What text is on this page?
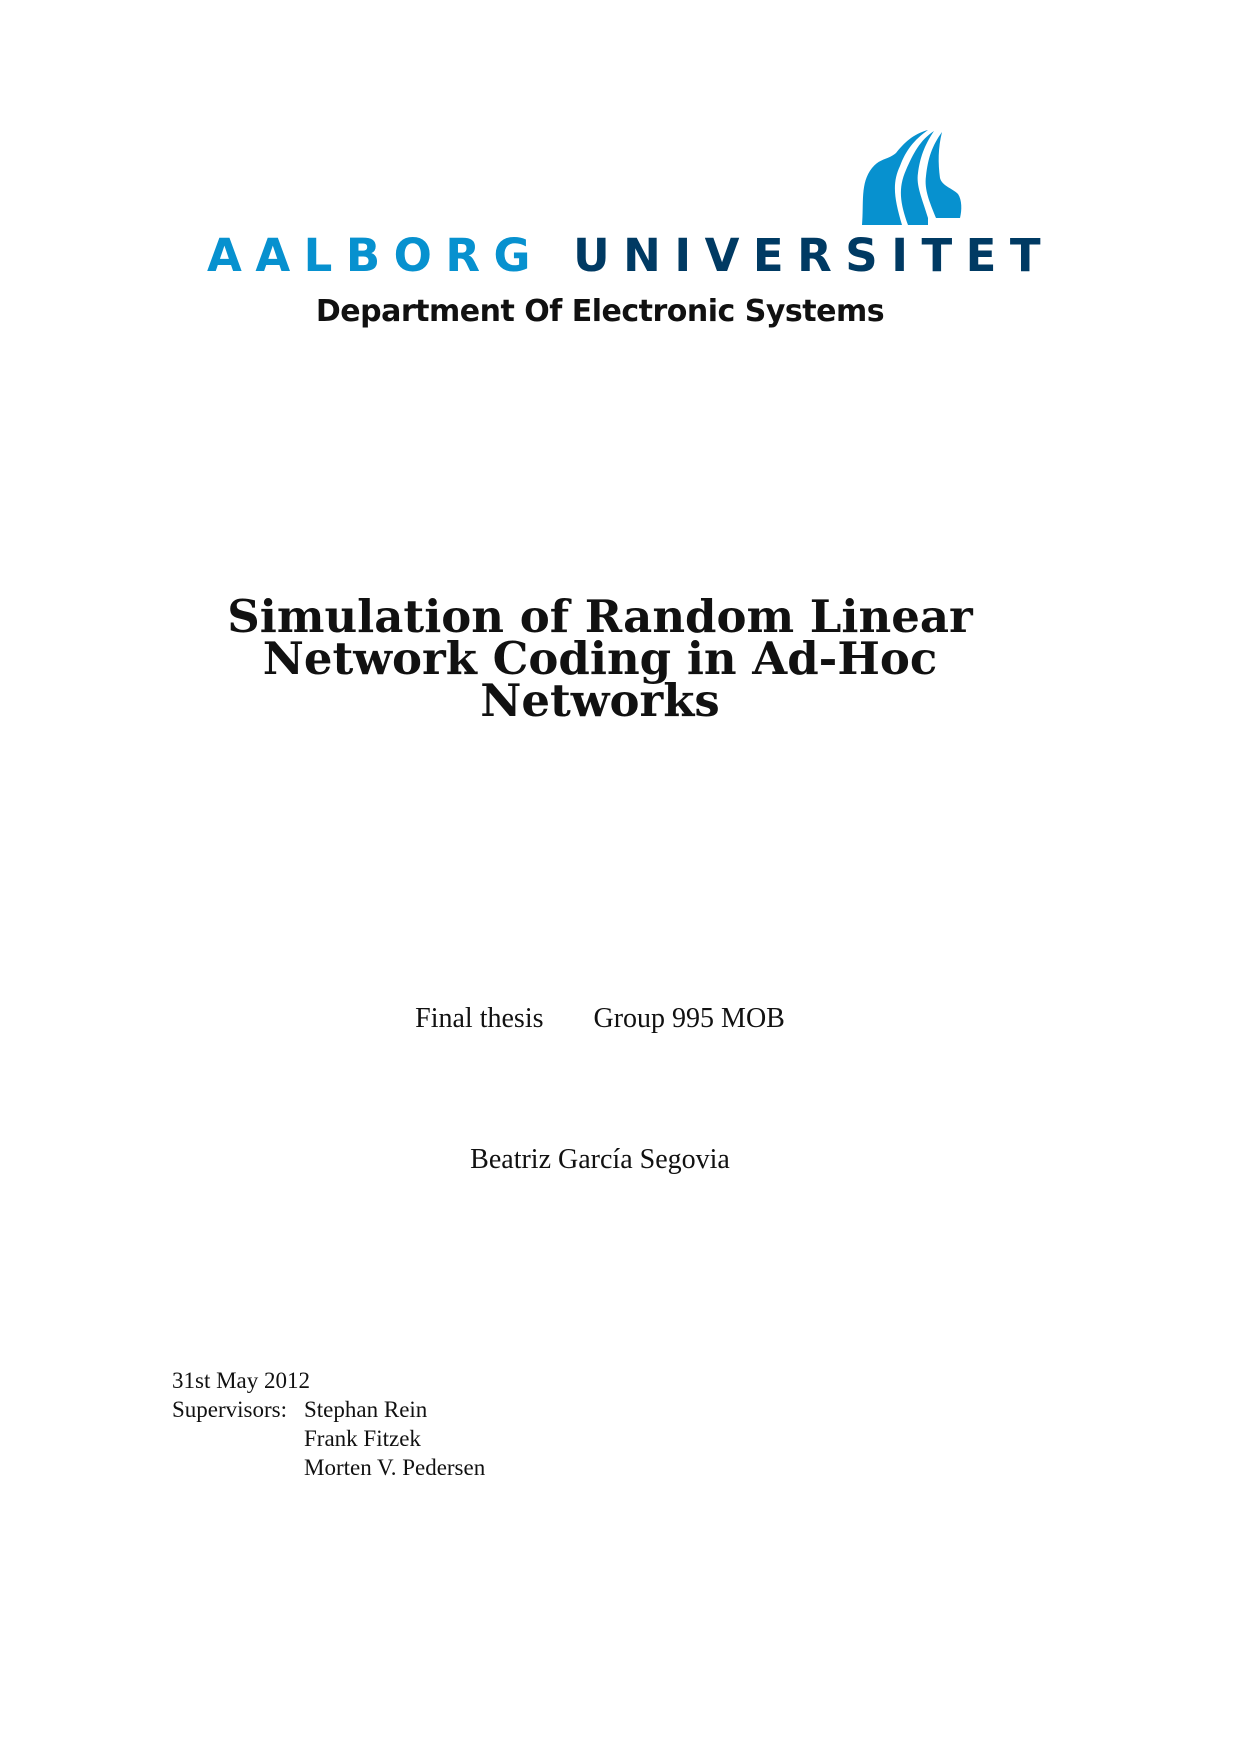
AALBORG UNIVERSITET
Department Of Electronic Systems
Simulation of Random Linear
Network Coding in Ad-Hoc
Networks
Final thesis Group 995 MOB
Beatriz García Segovia
31st May 2012
Supervisors: Stephan Rein
Frank Fitzek
Morten V. Pedersen
